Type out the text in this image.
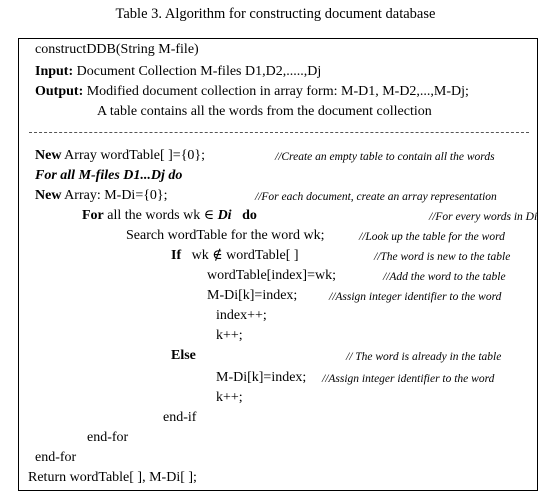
Table 3. Algorithm for constructing document database
constructDDB(String M-file)
Input: Document Collection M-files D1,D2,.....,Dj
Output: Modified document collection in array form: M-D1, M-D2,...,M-Dj;
A table contains all the words from the document collection
New Array wordTable[ ]={0};	//Create an empty table to contain all the words
For all M-files D1...Dj do
New Array: M-Di={0};	//For each document, create an array representation
For all the words wk ∈ Di do	//For every words in Di
Search wordTable for the word wk;	//Look up the table for the word
If wk ∉ wordTable[ ]	//The word is new to the table
wordTable[index]=wk;	//Add the word to the table
M-Di[k]=index;	//Assign integer identifier to the word
index++;
k++;
Else	// The word is already in the table
M-Di[k]=index; //Assign integer identifier to the word
k++;
end-if
end-for
end-for
Return wordTable[ ], M-Di[ ];
